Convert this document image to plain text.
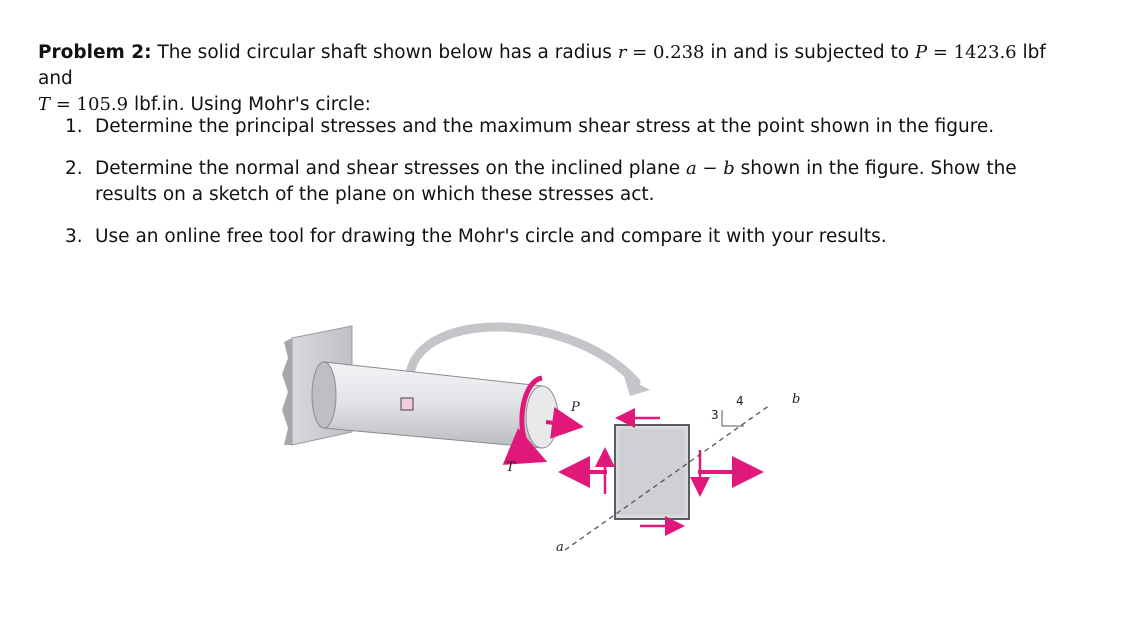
Problem 2: The solid circular shaft shown below has a radius r = 0.238 in and is subjected to P = 1423.6 lbf and
T = 105.9 lbf.in. Using Mohr's circle:
1. Determine the principal stresses and the maximum shear stress at the point shown in the figure.
2. Determine the normal and shear stresses on the inclined plane a − b shown in the figure. Show the results on a sketch of the plane on which these stresses act.
3. Use an online free tool for drawing the Mohr's circle and compare it with your results.
P
T
a
b
4
3
